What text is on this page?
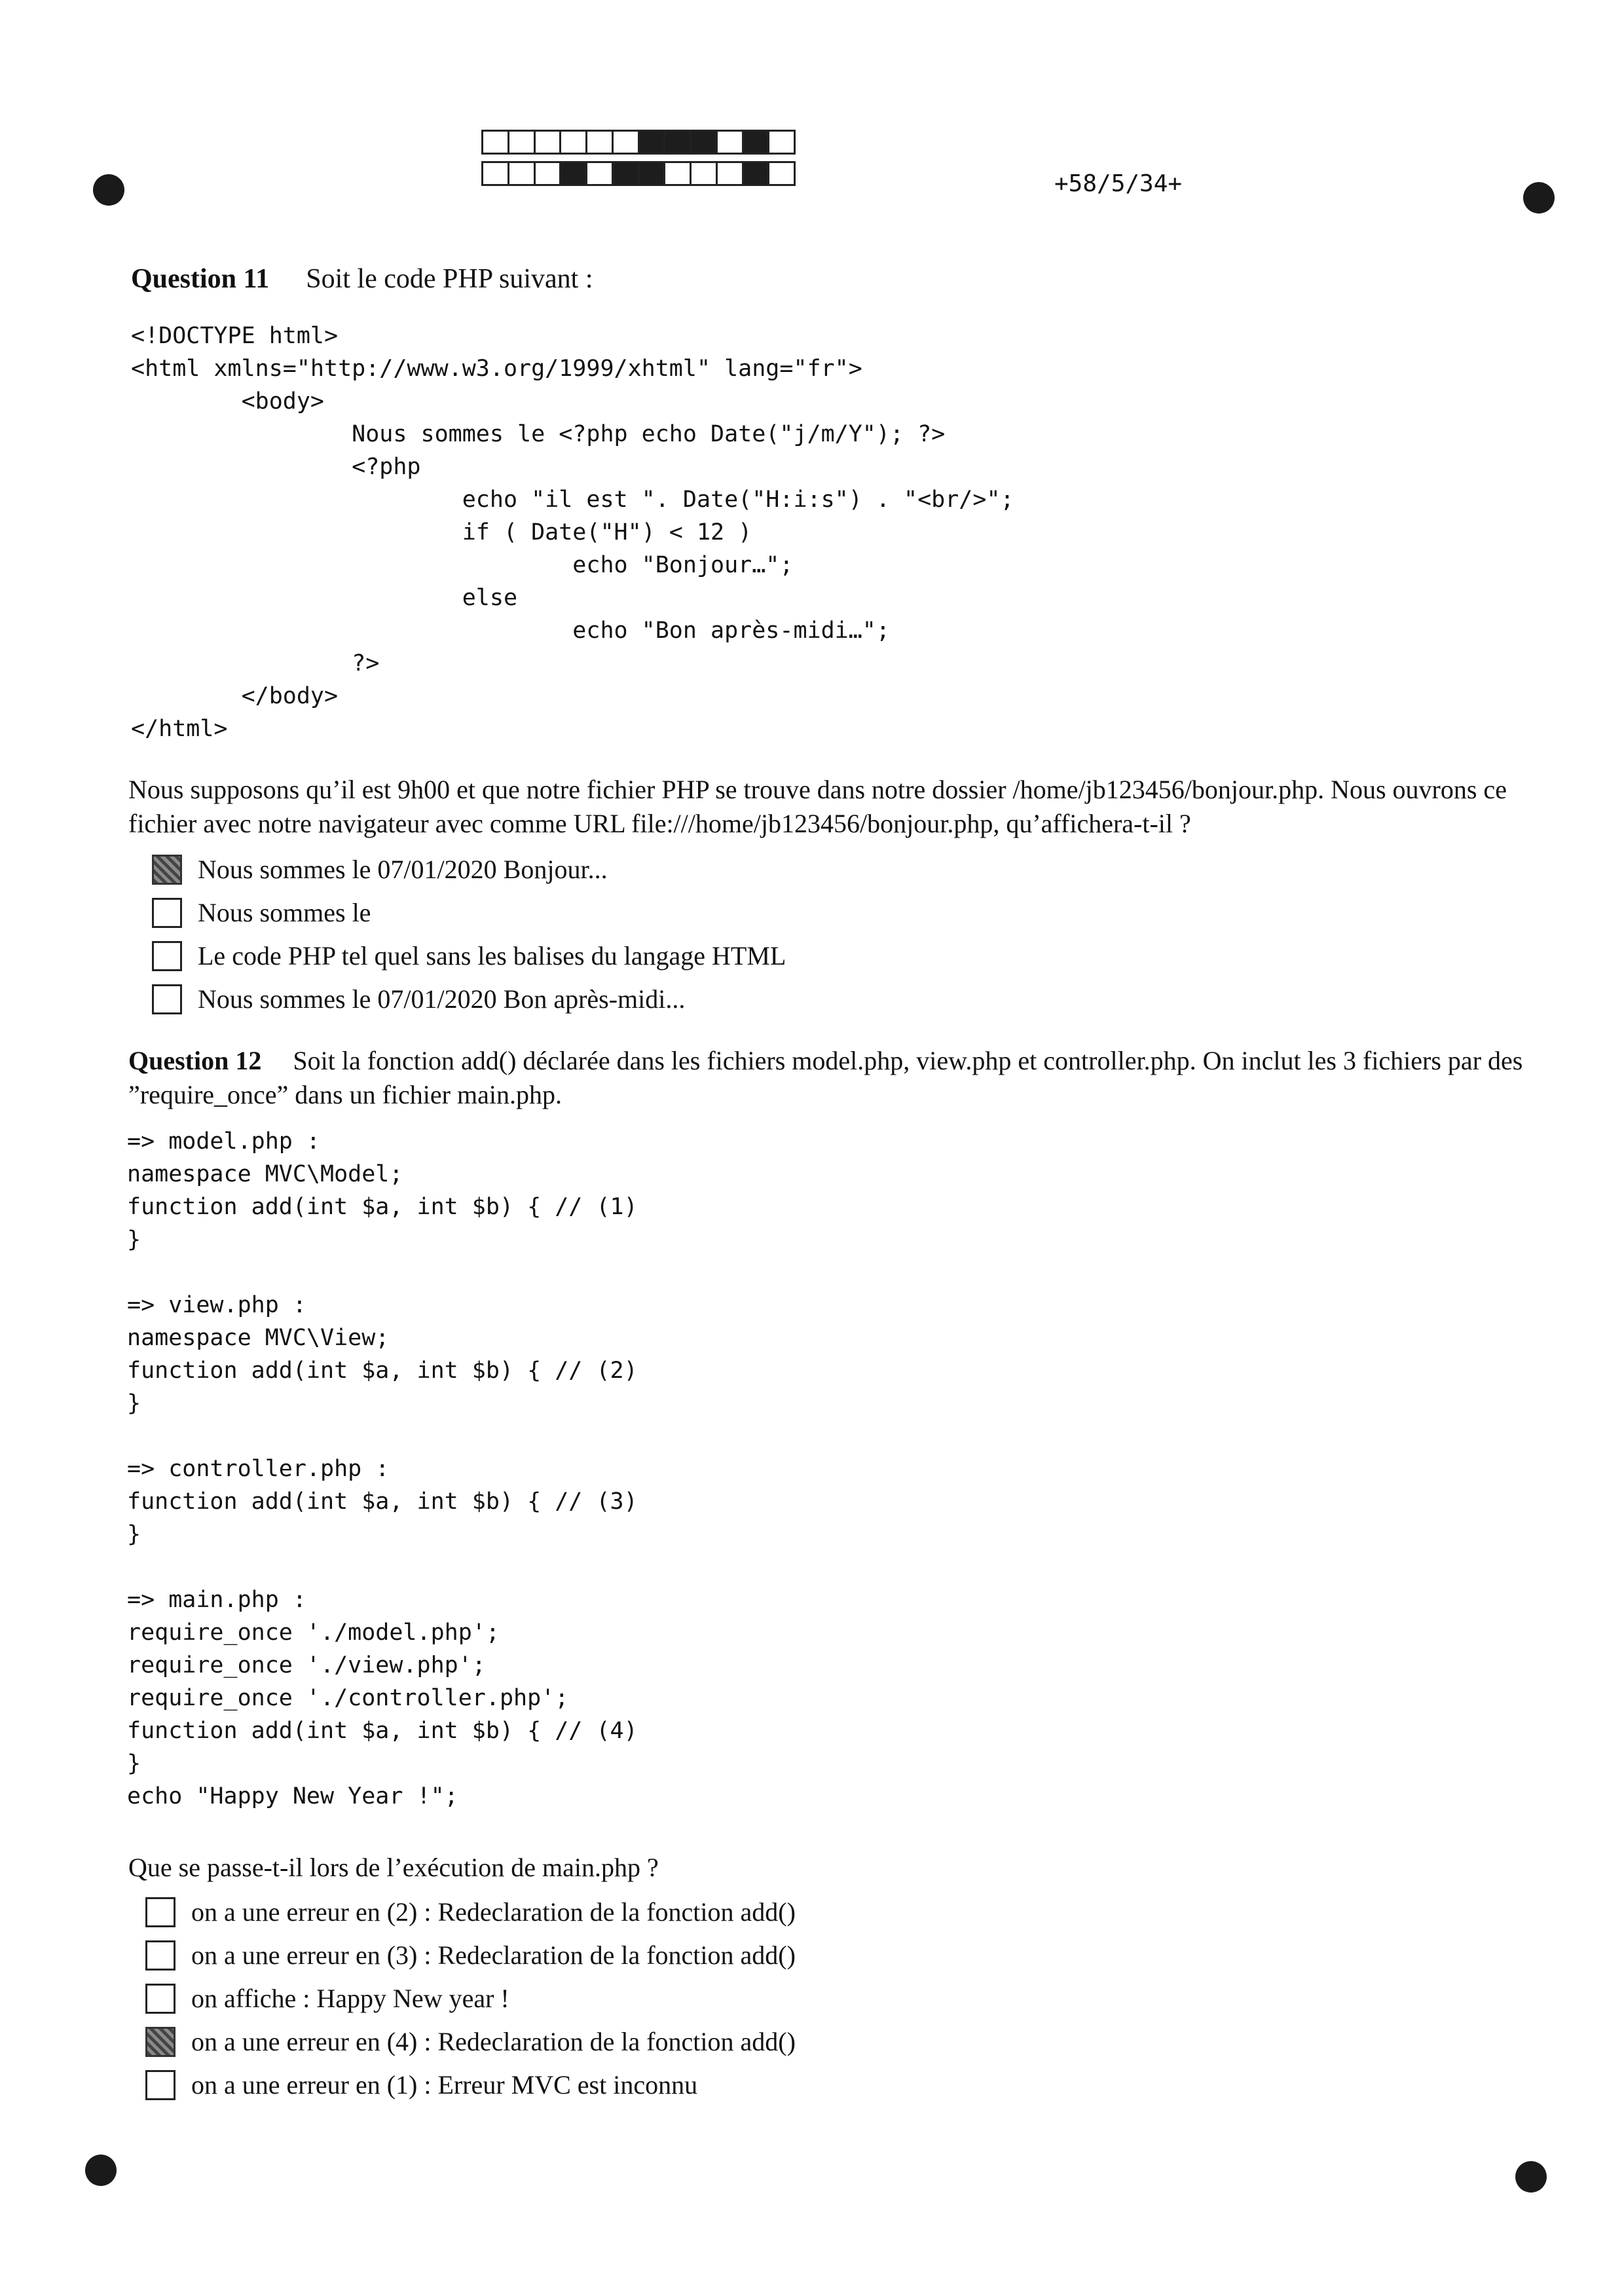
+58/5/34+
Question 11 Soit le code PHP suivant :
<!DOCTYPE html>
<html xmlns="http://www.w3.org/1999/xhtml" lang="fr">
<body>
Nous sommes le <?php echo Date("j/m/Y"); ?>
<?php
echo "il est ". Date("H:i:s") . "<br/>";
if ( Date("H") < 12 )
echo "Bonjour…";
else
echo "Bon après-midi…";
?>
</body>
</html>
Nous supposons qu’il est 9h00 et que notre fichier PHP se trouve dans notre dossier /home/jb123456/bonjour.php. Nous ouvrons ce fichier avec notre navigateur avec comme URL file:///home/jb123456/bonjour.php, qu’affichera-t-il ?
Nous sommes le 07/01/2020 Bonjour...
Nous sommes le
Le code PHP tel quel sans les balises du langage HTML
Nous sommes le 07/01/2020 Bon après-midi...
Question 12 Soit la fonction add() déclarée dans les fichiers model.php, view.php et controller.php. On inclut les 3 fichiers par des ”require_once” dans un fichier main.php.
=> model.php :
namespace MVC\Model;
function add(int $a, int $b) { // (1)
}

=> view.php :
namespace MVC\View;
function add(int $a, int $b) { // (2)
}

=> controller.php :
function add(int $a, int $b) { // (3)
}

=> main.php :
require_once './model.php';
require_once './view.php';
require_once './controller.php';
function add(int $a, int $b) { // (4)
}
echo "Happy New Year !";
Que se passe-t-il lors de l’exécution de main.php ?
on a une erreur en (2) : Redeclaration de la fonction add()
on a une erreur en (3) : Redeclaration de la fonction add()
on affiche : Happy New year !
on a une erreur en (4) : Redeclaration de la fonction add()
on a une erreur en (1) : Erreur MVC est inconnu
